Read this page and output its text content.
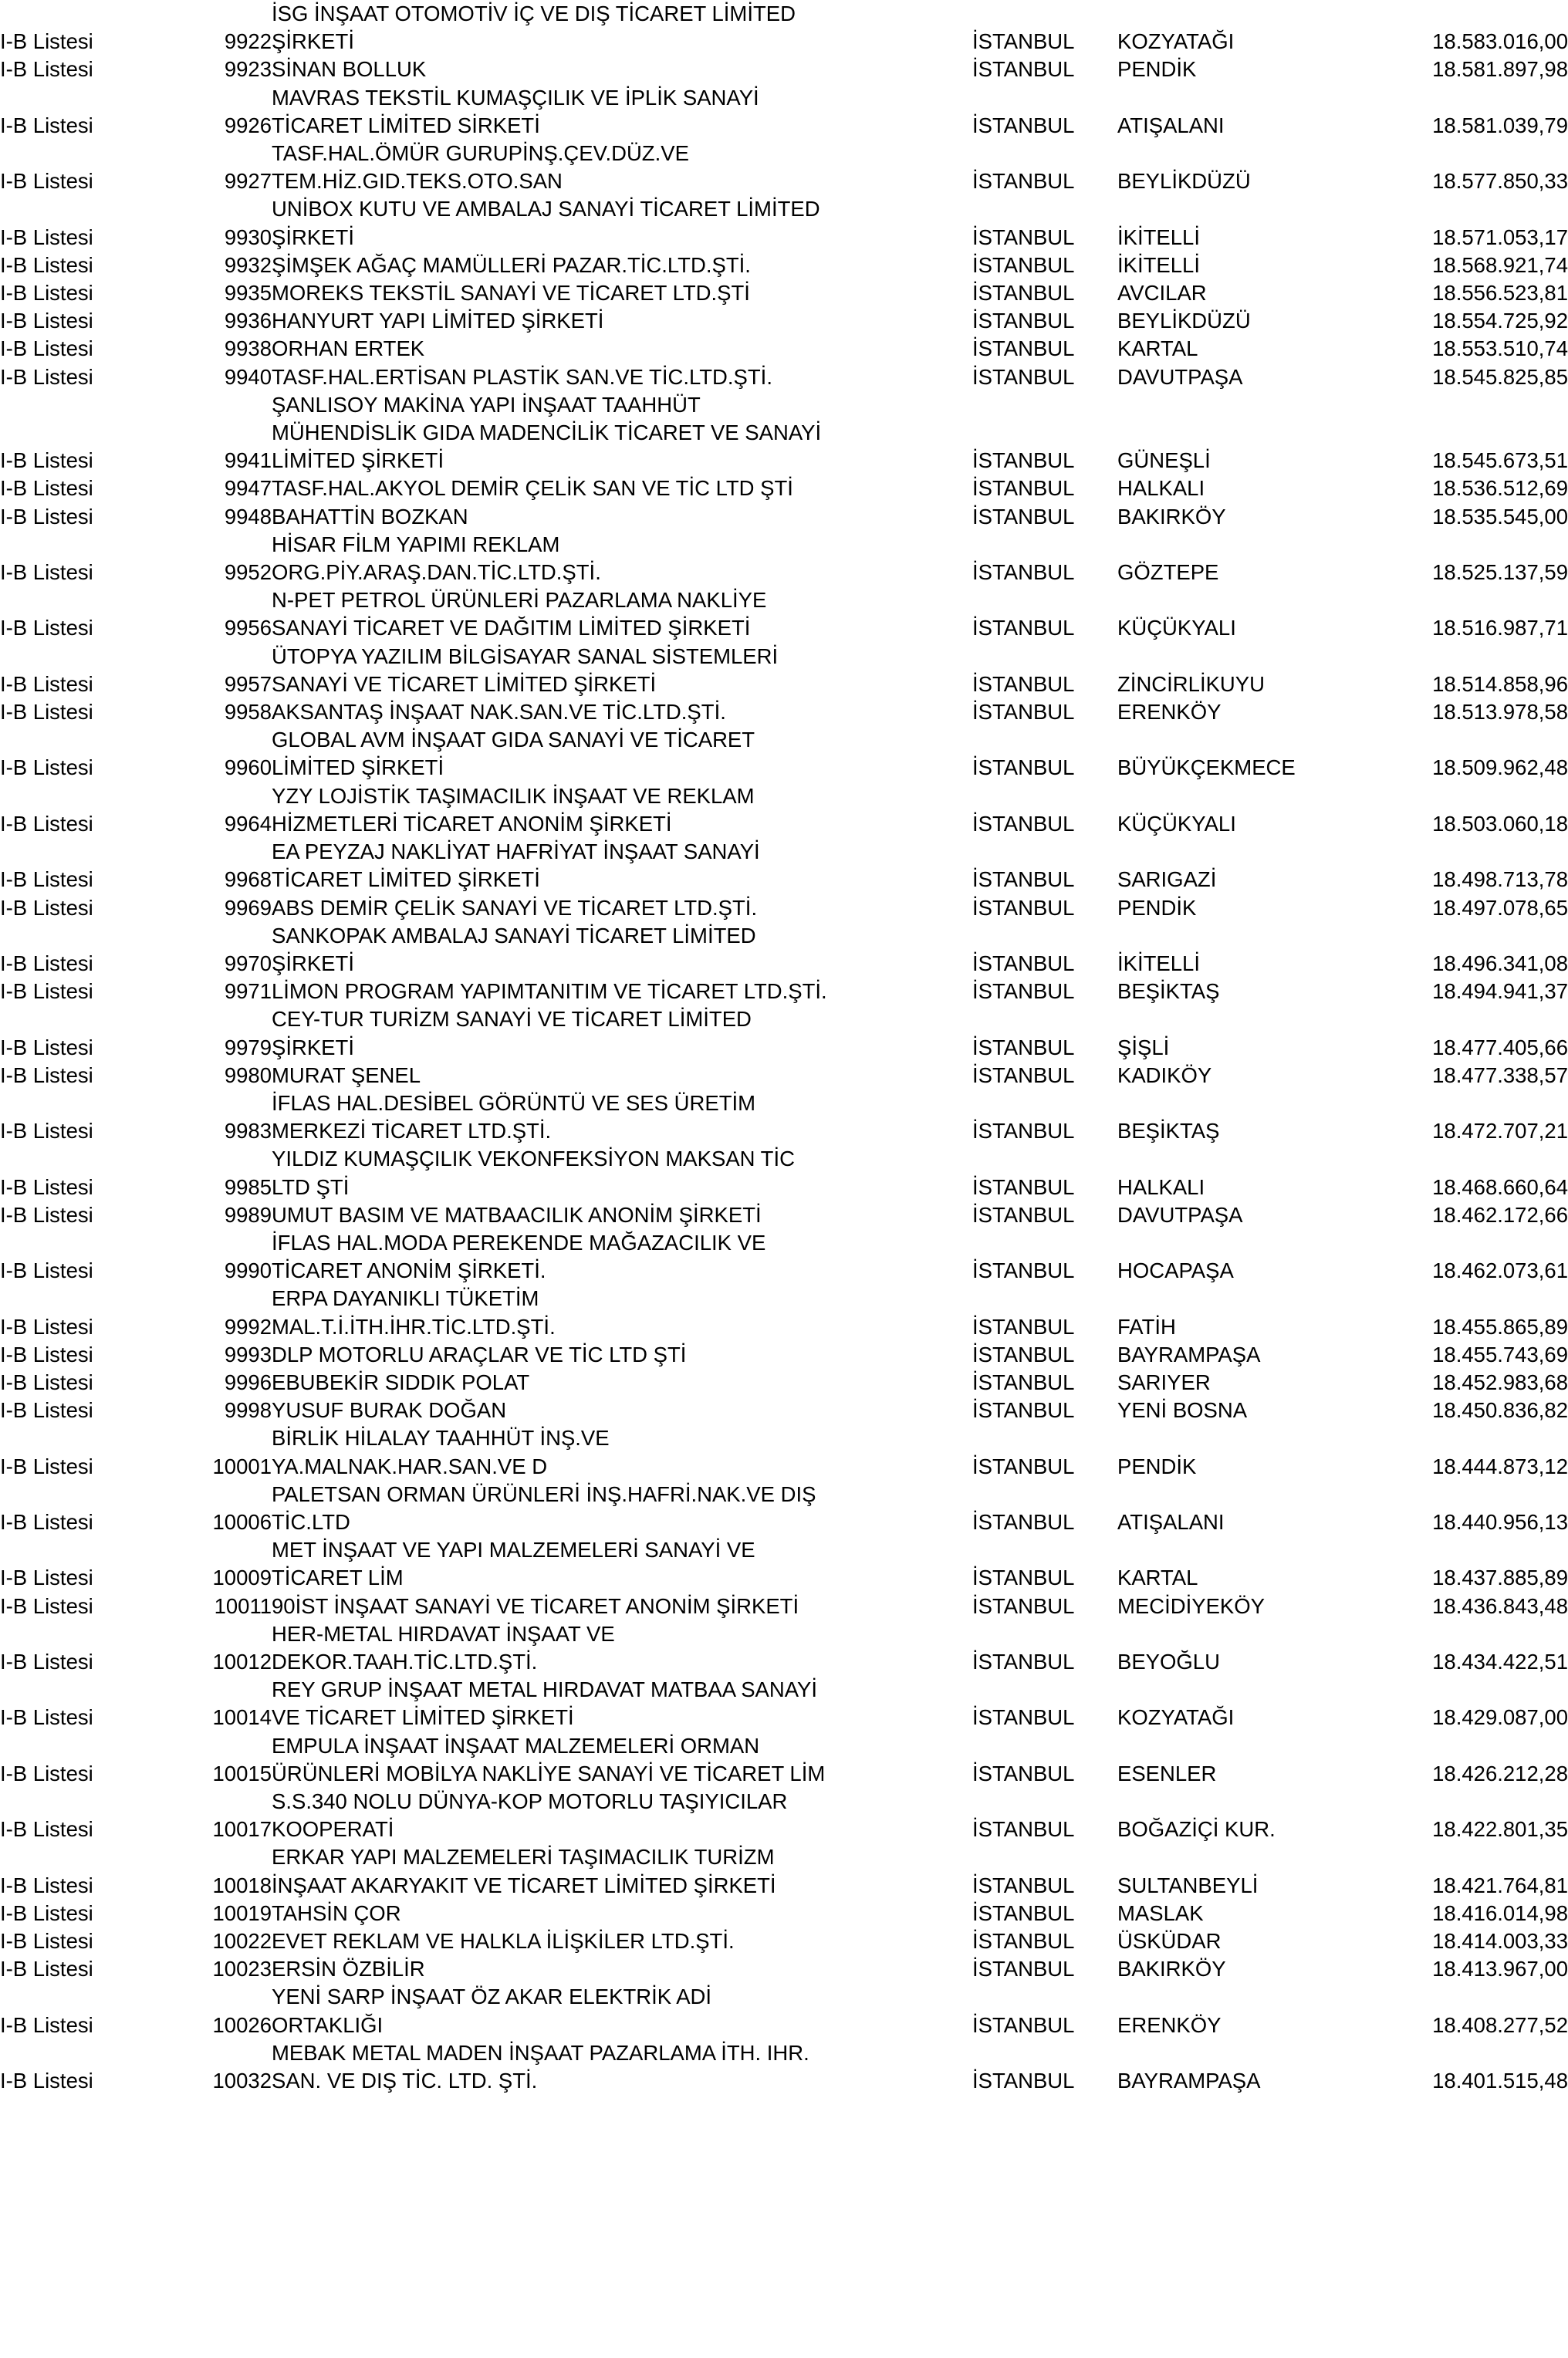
		İSG İNŞAAT OTOMOTİV İÇ VE DIŞ TİCARET LİMİTED			
I-B Listesi	9922	ŞİRKETİ	İSTANBUL	KOZYATAĞI	18.583.016,00
I-B Listesi	9923	SİNAN BOLLUK	İSTANBUL	PENDİK	18.581.897,98
		MAVRAS TEKSTİL KUMAŞÇILIK VE İPLİK SANAYİ			
I-B Listesi	9926	TİCARET LİMİTED SİRKETİ	İSTANBUL	ATIŞALANI	18.581.039,79
		TASF.HAL.ÖMÜR GURUPİNŞ.ÇEV.DÜZ.VE			
I-B Listesi	9927	TEM.HİZ.GID.TEKS.OTO.SAN	İSTANBUL	BEYLİKDÜZÜ	18.577.850,33
		UNİBOX KUTU VE AMBALAJ SANAYİ TİCARET LİMİTED			
I-B Listesi	9930	ŞİRKETİ	İSTANBUL	İKİTELLİ	18.571.053,17
I-B Listesi	9932	ŞİMŞEK AĞAÇ MAMÜLLERİ PAZAR.TİC.LTD.ŞTİ.	İSTANBUL	İKİTELLİ	18.568.921,74
I-B Listesi	9935	MOREKS TEKSTİL SANAYİ VE TİCARET LTD.ŞTİ	İSTANBUL	AVCILAR	18.556.523,81
I-B Listesi	9936	HANYURT YAPI LİMİTED ŞİRKETİ	İSTANBUL	BEYLİKDÜZÜ	18.554.725,92
I-B Listesi	9938	ORHAN ERTEK	İSTANBUL	KARTAL	18.553.510,74
I-B Listesi	9940	TASF.HAL.ERTİSAN PLASTİK SAN.VE TİC.LTD.ŞTİ.	İSTANBUL	DAVUTPAŞA	18.545.825,85
		ŞANLISOY MAKİNA YAPI İNŞAAT TAAHHÜT			
		MÜHENDİSLİK GIDA MADENCİLİK TİCARET VE SANAYİ			
I-B Listesi	9941	LİMİTED ŞİRKETİ	İSTANBUL	GÜNEŞLİ	18.545.673,51
I-B Listesi	9947	TASF.HAL.AKYOL DEMİR ÇELİK SAN VE TİC LTD ŞTİ	İSTANBUL	HALKALI	18.536.512,69
I-B Listesi	9948	BAHATTİN BOZKAN	İSTANBUL	BAKIRKÖY	18.535.545,00
		HİSAR FİLM YAPIMI REKLAM			
I-B Listesi	9952	ORG.PİY.ARAŞ.DAN.TİC.LTD.ŞTİ.	İSTANBUL	GÖZTEPE	18.525.137,59
		N-PET PETROL ÜRÜNLERİ PAZARLAMA NAKLİYE			
I-B Listesi	9956	SANAYİ TİCARET VE DAĞITIM LİMİTED ŞİRKETİ	İSTANBUL	KÜÇÜKYALI	18.516.987,71
		ÜTOPYA YAZILIM BİLGİSAYAR SANAL SİSTEMLERİ			
I-B Listesi	9957	SANAYİ VE TİCARET LİMİTED ŞİRKETİ	İSTANBUL	ZİNCİRLİKUYU	18.514.858,96
I-B Listesi	9958	AKSANTAŞ İNŞAAT NAK.SAN.VE TİC.LTD.ŞTİ.	İSTANBUL	ERENKÖY	18.513.978,58
		GLOBAL AVM İNŞAAT GIDA SANAYİ VE TİCARET			
I-B Listesi	9960	LİMİTED ŞİRKETİ	İSTANBUL	BÜYÜKÇEKMECE	18.509.962,48
		YZY LOJİSTİK TAŞIMACILIK İNŞAAT VE REKLAM			
I-B Listesi	9964	HİZMETLERİ TİCARET ANONİM ŞİRKETİ	İSTANBUL	KÜÇÜKYALI	18.503.060,18
		EA PEYZAJ NAKLİYAT HAFRİYAT İNŞAAT SANAYİ			
I-B Listesi	9968	TİCARET LİMİTED ŞİRKETİ	İSTANBUL	SARIGAZİ	18.498.713,78
I-B Listesi	9969	ABS DEMİR ÇELİK SANAYİ VE TİCARET LTD.ŞTİ.	İSTANBUL	PENDİK	18.497.078,65
		SANKOPAK AMBALAJ SANAYİ TİCARET LİMİTED			
I-B Listesi	9970	ŞİRKETİ	İSTANBUL	İKİTELLİ	18.496.341,08
I-B Listesi	9971	LİMON PROGRAM YAPIMTANITIM VE TİCARET LTD.ŞTİ.	İSTANBUL	BEŞİKTAŞ	18.494.941,37
		CEY-TUR TURİZM SANAYİ VE TİCARET LİMİTED			
I-B Listesi	9979	ŞİRKETİ	İSTANBUL	ŞİŞLİ	18.477.405,66
I-B Listesi	9980	MURAT ŞENEL	İSTANBUL	KADIKÖY	18.477.338,57
		İFLAS HAL.DESİBEL GÖRÜNTÜ VE SES ÜRETİM			
I-B Listesi	9983	MERKEZİ TİCARET LTD.ŞTİ.	İSTANBUL	BEŞİKTAŞ	18.472.707,21
		YILDIZ KUMAŞÇILIK VEKONFEKSİYON MAKSAN TİC			
I-B Listesi	9985	LTD ŞTİ	İSTANBUL	HALKALI	18.468.660,64
I-B Listesi	9989	UMUT BASIM VE MATBAACILIK ANONİM ŞİRKETİ	İSTANBUL	DAVUTPAŞA	18.462.172,66
		İFLAS HAL.MODA PEREKENDE MAĞAZACILIK VE			
I-B Listesi	9990	TİCARET ANONİM ŞİRKETİ.	İSTANBUL	HOCAPAŞA	18.462.073,61
		ERPA DAYANIKLI TÜKETİM			
I-B Listesi	9992	MAL.T.İ.İTH.İHR.TİC.LTD.ŞTİ.	İSTANBUL	FATİH	18.455.865,89
I-B Listesi	9993	DLP MOTORLU ARAÇLAR VE TİC LTD ŞTİ	İSTANBUL	BAYRAMPAŞA	18.455.743,69
I-B Listesi	9996	EBUBEKİR SIDDIK POLAT	İSTANBUL	SARIYER	18.452.983,68
I-B Listesi	9998	YUSUF BURAK DOĞAN	İSTANBUL	YENİ BOSNA	18.450.836,82
		BİRLİK HİLALAY TAAHHÜT İNŞ.VE			
I-B Listesi	10001	YA.MALNAK.HAR.SAN.VE D	İSTANBUL	PENDİK	18.444.873,12
		PALETSAN ORMAN ÜRÜNLERİ İNŞ.HAFRİ.NAK.VE DIŞ			
I-B Listesi	10006	TİC.LTD	İSTANBUL	ATIŞALANI	18.440.956,13
		MET İNŞAAT VE YAPI MALZEMELERİ SANAYİ VE			
I-B Listesi	10009	TİCARET LİM	İSTANBUL	KARTAL	18.437.885,89
I-B Listesi	10011	90İST İNŞAAT SANAYİ VE TİCARET ANONİM ŞİRKETİ	İSTANBUL	MECİDİYEKÖY	18.436.843,48
		HER-METAL HIRDAVAT İNŞAAT VE			
I-B Listesi	10012	DEKOR.TAAH.TİC.LTD.ŞTİ.	İSTANBUL	BEYOĞLU	18.434.422,51
		REY GRUP İNŞAAT METAL HIRDAVAT MATBAA SANAYİ			
I-B Listesi	10014	VE TİCARET LİMİTED ŞİRKETİ	İSTANBUL	KOZYATAĞI	18.429.087,00
		EMPULA İNŞAAT İNŞAAT MALZEMELERİ ORMAN			
I-B Listesi	10015	ÜRÜNLERİ MOBİLYA NAKLİYE SANAYİ VE TİCARET LİM	İSTANBUL	ESENLER	18.426.212,28
		S.S.340 NOLU DÜNYA-KOP MOTORLU TAŞIYICILAR			
I-B Listesi	10017	KOOPERATİ	İSTANBUL	BOĞAZİÇİ KUR.	18.422.801,35
		ERKAR YAPI MALZEMELERİ TAŞIMACILIK TURİZM			
I-B Listesi	10018	İNŞAAT AKARYAKIT VE TİCARET LİMİTED ŞİRKETİ	İSTANBUL	SULTANBEYLİ	18.421.764,81
I-B Listesi	10019	TAHSİN ÇOR	İSTANBUL	MASLAK	18.416.014,98
I-B Listesi	10022	EVET REKLAM VE HALKLA İLİŞKİLER LTD.ŞTİ.	İSTANBUL	ÜSKÜDAR	18.414.003,33
I-B Listesi	10023	ERSİN ÖZBİLİR	İSTANBUL	BAKIRKÖY	18.413.967,00
		YENİ SARP İNŞAAT ÖZ AKAR ELEKTRİK ADİ			
I-B Listesi	10026	ORTAKLIĞI	İSTANBUL	ERENKÖY	18.408.277,52
		MEBAK METAL MADEN İNŞAAT PAZARLAMA İTH. IHR.			
I-B Listesi	10032	SAN. VE DIŞ TİC. LTD. ŞTİ.	İSTANBUL	BAYRAMPAŞA	18.401.515,48
